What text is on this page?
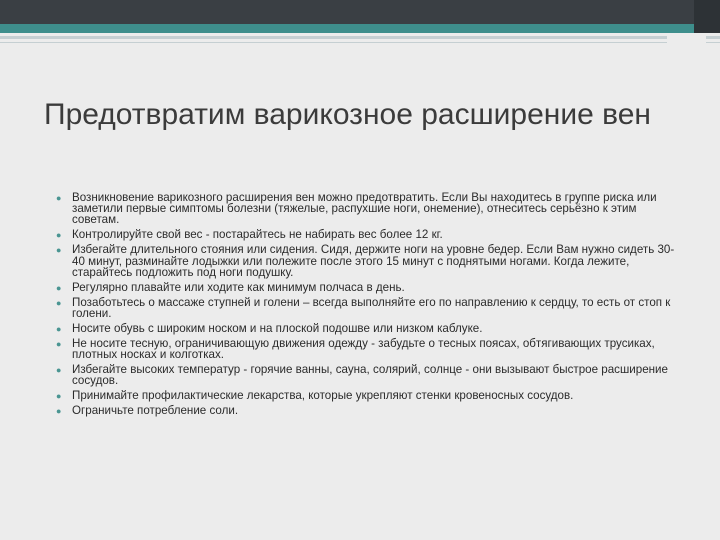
Предотвратим варикозное расширение вен
● Возникновение варикозного расширения вен можно предотвратить. Если Вы находитесь в группе риска или заметили первые симптомы болезни (тяжелые, распухшие ноги, онемение), отнеситесь серьёзно к этим советам.
● Контролируйте свой вес - постарайтесь не набирать вес более 12 кг.
● Избегайте длительного стояния или сидения. Сидя, держите ноги на уровне бедер. Если Вам нужно сидеть 30-40 минут, разминайте лодыжки или полежите после этого 15 минут с поднятыми ногами. Когда лежите, старайтесь подложить под ноги подушку.
● Регулярно плавайте или ходите как минимум полчаса в день.
● Позаботьтесь о массаже ступней и голени – всегда выполняйте его по направлению к сердцу, то есть от стоп к голени.
● Носите обувь с широким носком и на плоской подошве или низком каблуке.
● Не носите тесную, ограничивающую движения одежду - забудьте о тесных поясах, обтягивающих трусиках, плотных носках и колготках.
● Избегайте высоких температур - горячие ванны, сауна, солярий, солнце - они вызывают быстрое расширение сосудов.
● Принимайте профилактические лекарства, которые укрепляют стенки кровеносных сосудов.
● Ограничьте потребление соли.
